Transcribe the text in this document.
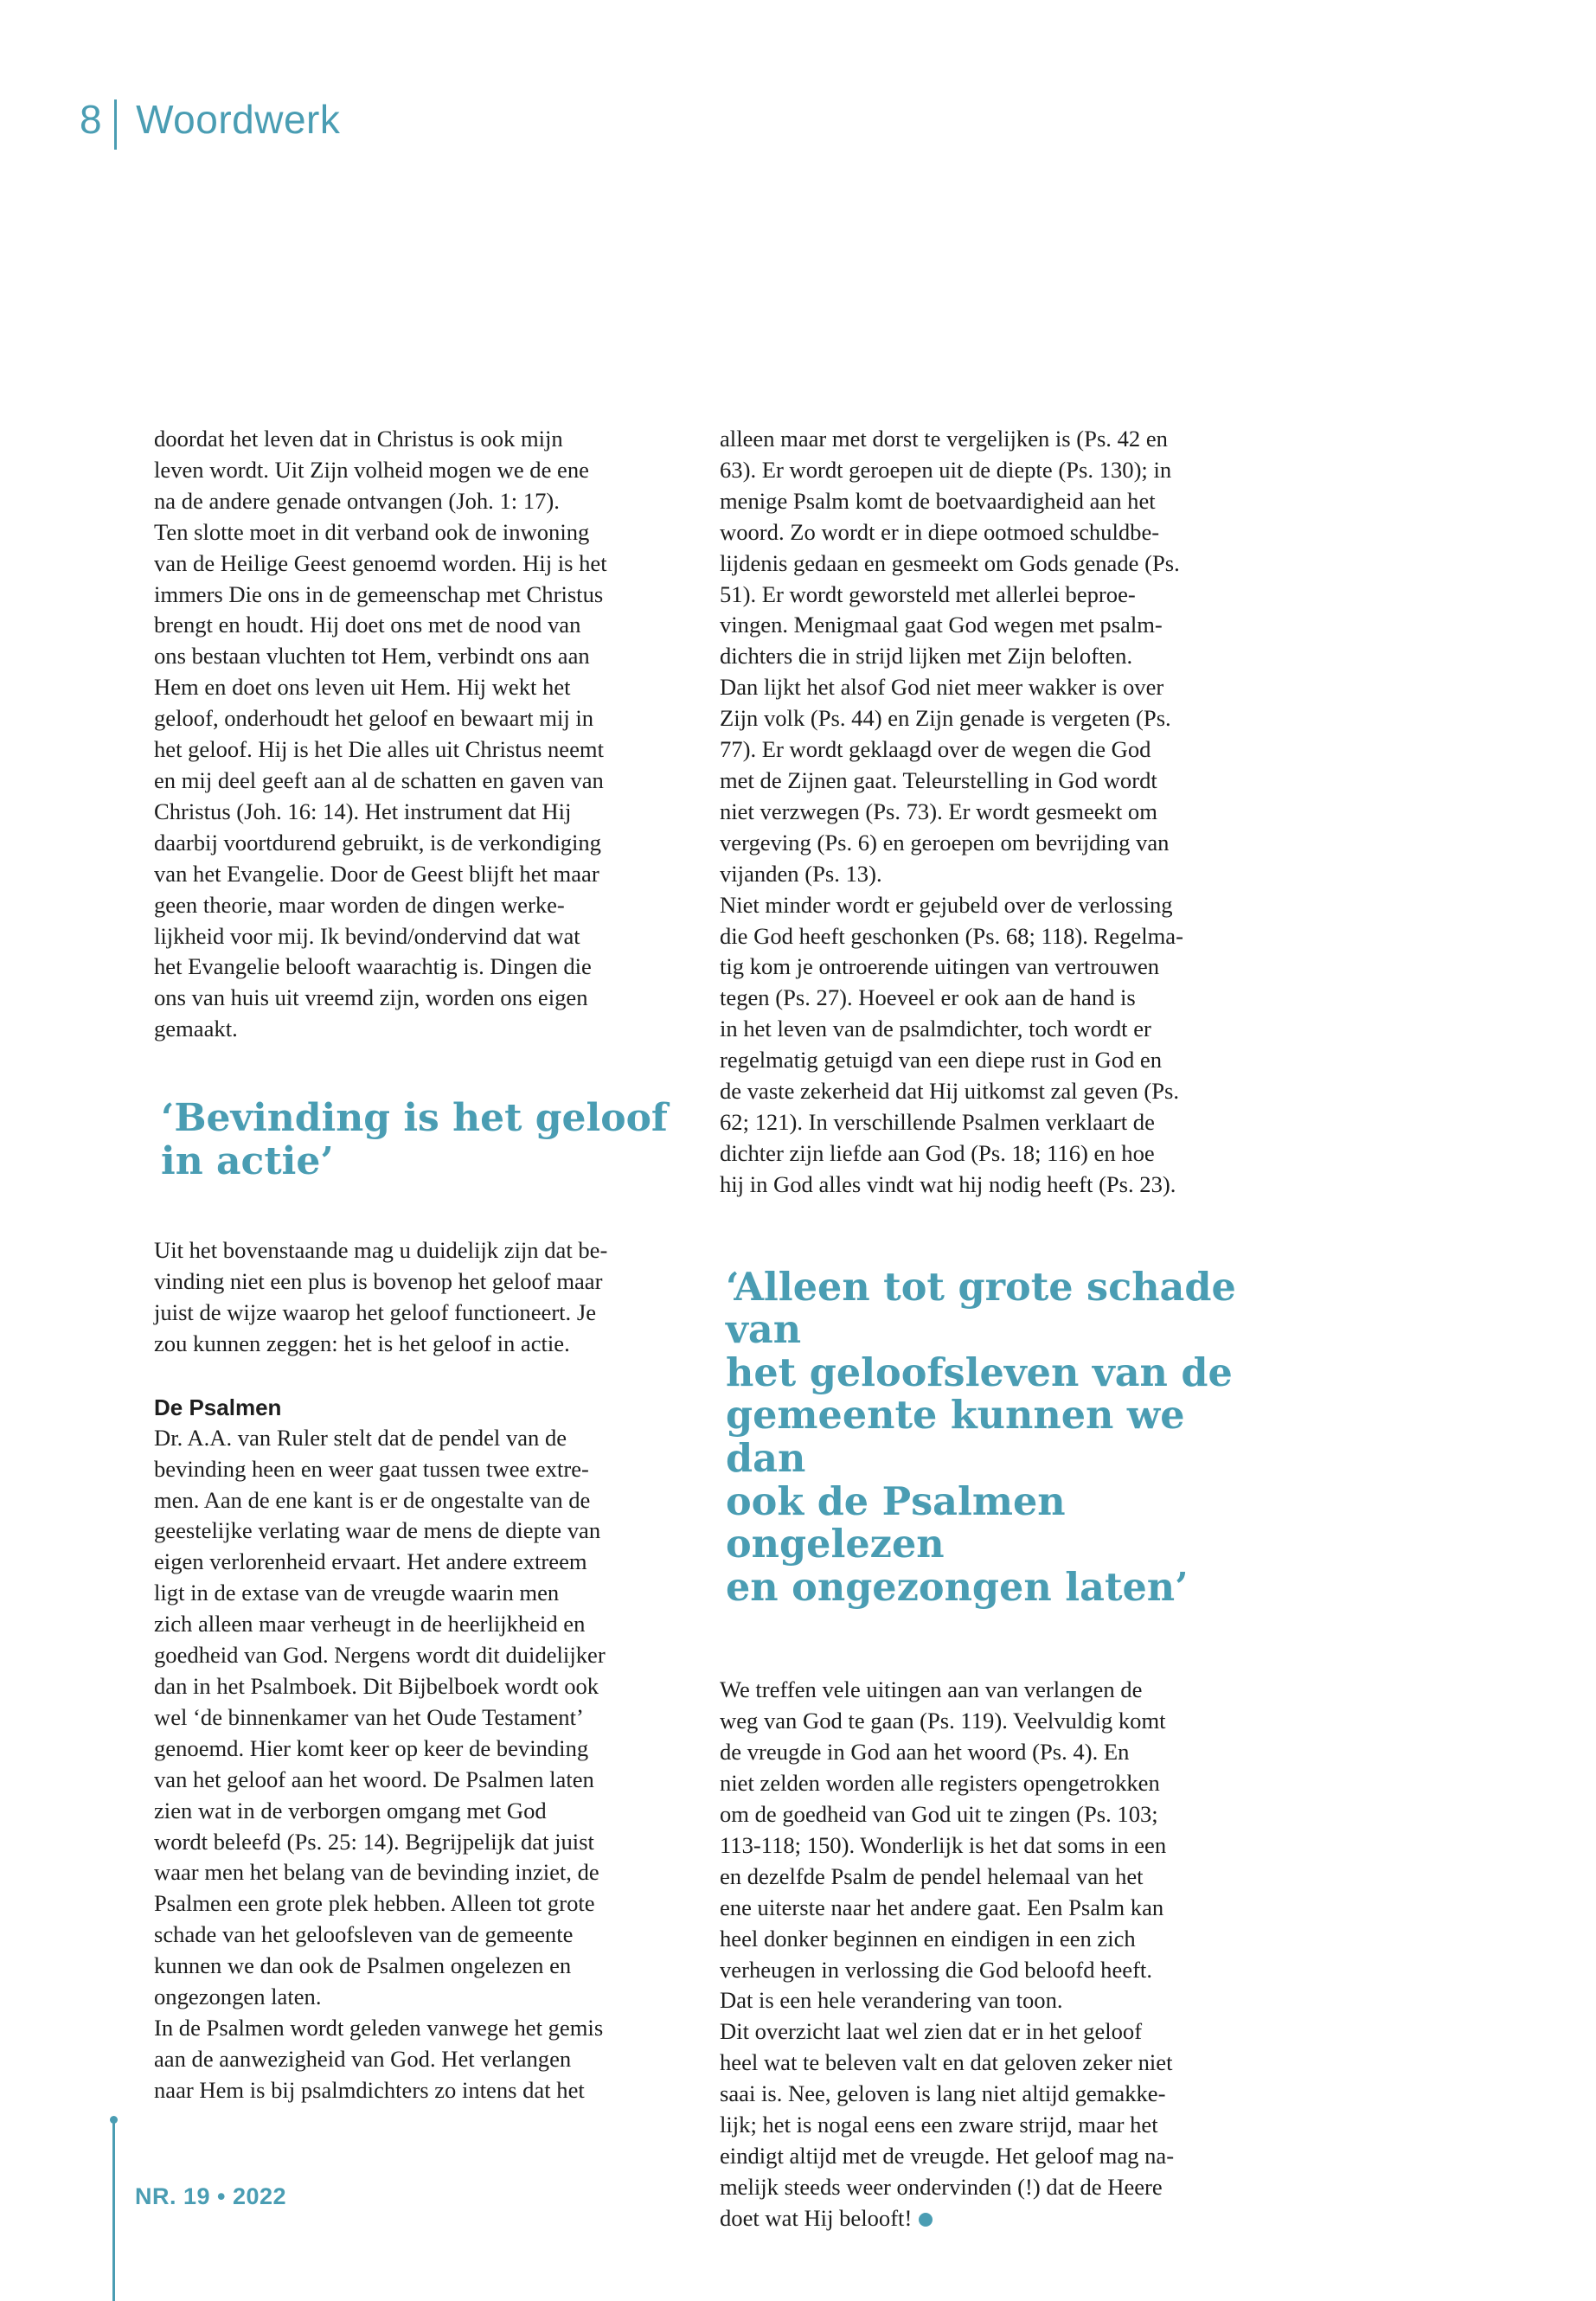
8 Woordwerk
doordat het leven dat in Christus is ook mijn
leven wordt. Uit Zijn volheid mogen we de ene
na de andere genade ontvangen (Joh. 1: 17).
Ten slotte moet in dit verband ook de inwoning
van de Heilige Geest genoemd worden. Hij is het
immers Die ons in de gemeenschap met Christus
brengt en houdt. Hij doet ons met de nood van
ons bestaan vluchten tot Hem, verbindt ons aan
Hem en doet ons leven uit Hem. Hij wekt het
geloof, onderhoudt het geloof en bewaart mij in
het geloof. Hij is het Die alles uit Christus neemt
en mij deel geeft aan al de schatten en gaven van
Christus (Joh. 16: 14). Het instrument dat Hij
daarbij voortdurend gebruikt, is de verkondiging
van het Evangelie. Door de Geest blijft het maar
geen theorie, maar worden de dingen werke-
lijkheid voor mij. Ik bevind/ondervind dat wat
het Evangelie belooft waarachtig is. Dingen die
ons van huis uit vreemd zijn, worden ons eigen
gemaakt.
‘Bevinding is het geloof
in actie’
Uit het bovenstaande mag u duidelijk zijn dat be-
vinding niet een plus is bovenop het geloof maar
juist de wijze waarop het geloof functioneert. Je
zou kunnen zeggen: het is het geloof in actie.
De Psalmen
Dr. A.A. van Ruler stelt dat de pendel van de
bevinding heen en weer gaat tussen twee extre-
men. Aan de ene kant is er de ongestalte van de
geestelijke verlating waar de mens de diepte van
eigen verlorenheid ervaart. Het andere extreem
ligt in de extase van de vreugde waarin men
zich alleen maar verheugt in de heerlijkheid en
goedheid van God. Nergens wordt dit duidelijker
dan in het Psalmboek. Dit Bijbelboek wordt ook
wel ‘de binnenkamer van het Oude Testament’
genoemd. Hier komt keer op keer de bevinding
van het geloof aan het woord. De Psalmen laten
zien wat in de verborgen omgang met God
wordt beleefd (Ps. 25: 14). Begrijpelijk dat juist
waar men het belang van de bevinding inziet, de
Psalmen een grote plek hebben. Alleen tot grote
schade van het geloofsleven van de gemeente
kunnen we dan ook de Psalmen ongelezen en
ongezongen laten.
In de Psalmen wordt geleden vanwege het gemis
aan de aanwezigheid van God. Het verlangen
naar Hem is bij psalmdichters zo intens dat het
alleen maar met dorst te vergelijken is (Ps. 42 en
63). Er wordt geroepen uit de diepte (Ps. 130); in
menige Psalm komt de boetvaardigheid aan het
woord. Zo wordt er in diepe ootmoed schuldbe-
lijdenis gedaan en gesmeekt om Gods genade (Ps.
51). Er wordt geworsteld met allerlei beproe-
vingen. Menigmaal gaat God wegen met psalm-
dichters die in strijd lijken met Zijn beloften.
Dan lijkt het alsof God niet meer wakker is over
Zijn volk (Ps. 44) en Zijn genade is vergeten (Ps.
77). Er wordt geklaagd over de wegen die God
met de Zijnen gaat. Teleurstelling in God wordt
niet verzwegen (Ps. 73). Er wordt gesmeekt om
vergeving (Ps. 6) en geroepen om bevrijding van
vijanden (Ps. 13).
Niet minder wordt er gejubeld over de verlossing
die God heeft geschonken (Ps. 68; 118). Regelma-
tig kom je ontroerende uitingen van vertrouwen
tegen (Ps. 27). Hoeveel er ook aan de hand is
in het leven van de psalmdichter, toch wordt er
regelmatig getuigd van een diepe rust in God en
de vaste zekerheid dat Hij uitkomst zal geven (Ps.
62; 121). In verschillende Psalmen verklaart de
dichter zijn liefde aan God (Ps. 18; 116) en hoe
hij in God alles vindt wat hij nodig heeft (Ps. 23).
‘Alleen tot grote schade van
het geloofsleven van de
gemeente kunnen we dan
ook de Psalmen ongelezen
en ongezongen laten’
We treffen vele uitingen aan van verlangen de
weg van God te gaan (Ps. 119). Veelvuldig komt
de vreugde in God aan het woord (Ps. 4). En
niet zelden worden alle registers opengetrokken
om de goedheid van God uit te zingen (Ps. 103;
113-118; 150). Wonderlijk is het dat soms in een
en dezelfde Psalm de pendel helemaal van het
ene uiterste naar het andere gaat. Een Psalm kan
heel donker beginnen en eindigen in een zich
verheugen in verlossing die God beloofd heeft.
Dat is een hele verandering van toon.
Dit overzicht laat wel zien dat er in het geloof
heel wat te beleven valt en dat geloven zeker niet
saai is. Nee, geloven is lang niet altijd gemakke-
lijk; het is nogal eens een zware strijd, maar het
eindigt altijd met de vreugde. Het geloof mag na-
melijk steeds weer ondervinden (!) dat de Heere
doet wat Hij belooft!
NR. 19 • 2022
